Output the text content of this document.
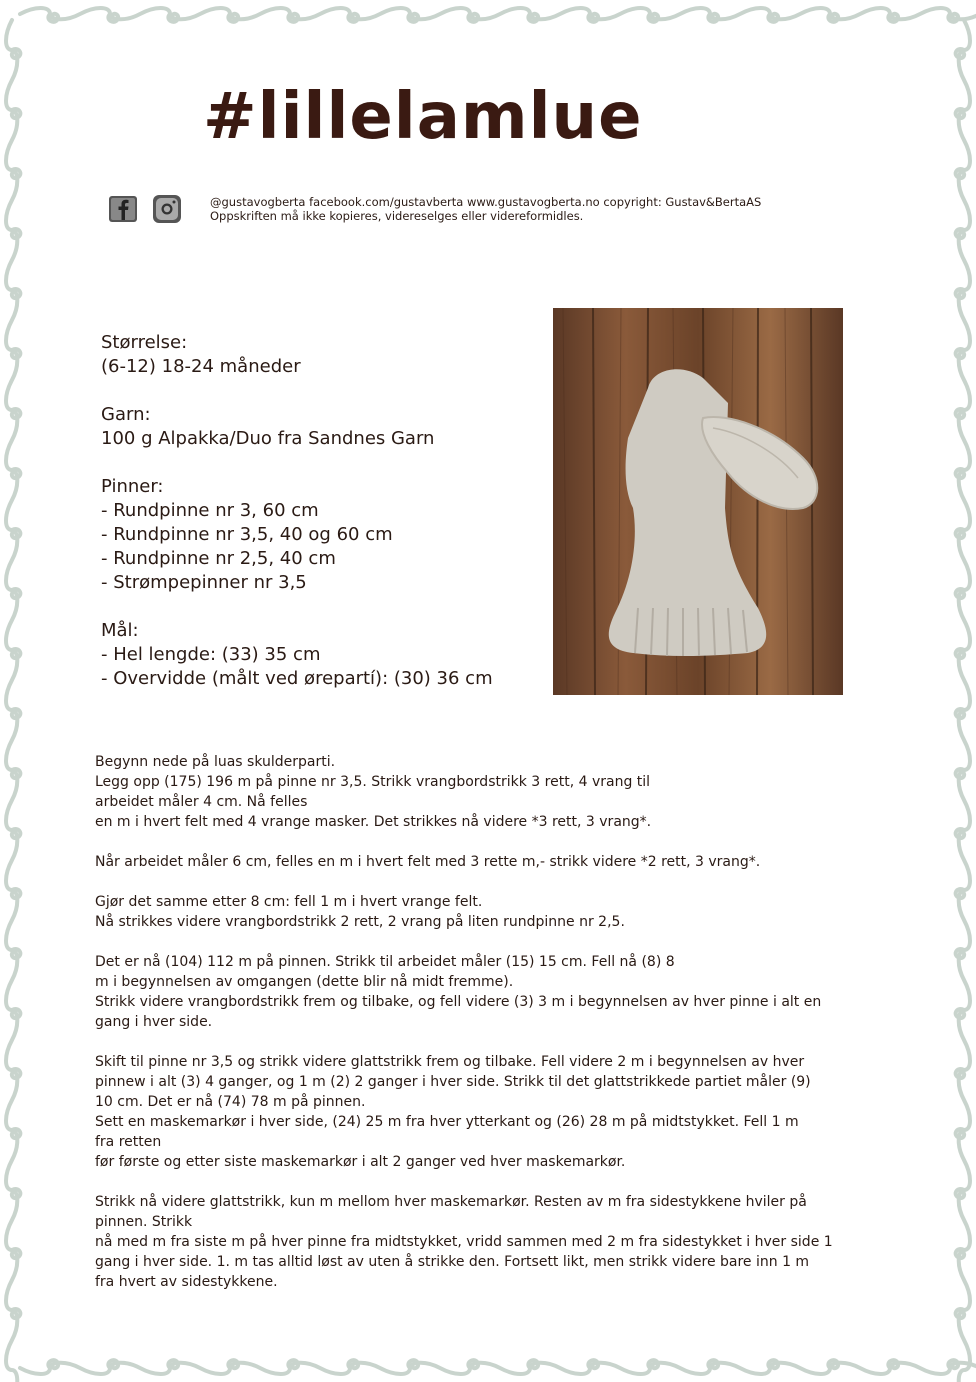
#lillelamlue
@gustavogberta facebook.com/gustavberta www.gustavogberta.no copyright: Gustav&BertaAS
Oppskriften må ikke kopieres, videreselges eller videreformidles.
Størrelse:
(6-12) 18-24 måneder
Garn:
100 g Alpakka/Duo fra Sandnes Garn
Pinner:
- Rundpinne nr 3, 60 cm
- Rundpinne nr 3,5, 40 og 60 cm
- Rundpinne nr 2,5, 40 cm
- Strømpepinner nr 3,5
Mål:
- Hel lengde: (33) 35 cm
- Overvidde (målt ved ørepartí): (30) 36 cm

Begynn nede på luas skulderparti.
Legg opp (175) 196 m på pinne nr 3,5. Strikk vrangbordstrikk 3 rett, 4 vrang til
arbeidet måler 4 cm. Nå felles
en m i hvert felt med 4 vrange masker. Det strikkes nå videre *3 rett, 3 vrang*.

Når arbeidet måler 6 cm, felles en m i hvert felt med 3 rette m,- strikk videre *2 rett, 3 vrang*.

Gjør det samme etter 8 cm: fell 1 m i hvert vrange felt.
Nå strikkes videre vrangbordstrikk 2 rett, 2 vrang på liten rundpinne nr 2,5.

Det er nå (104) 112 m på pinnen. Strikk til arbeidet måler (15) 15 cm. Fell nå (8) 8
m i begynnelsen av omgangen (dette blir nå midt fremme).
Strikk videre vrangbordstrikk frem og tilbake, og fell videre (3) 3 m i begynnelsen av hver pinne i alt en
gang i hver side.

Skift til pinne nr 3,5 og strikk videre glattstrikk frem og tilbake. Fell videre 2 m i begynnelsen av hver
pinnew i alt (3) 4 ganger, og 1 m (2) 2 ganger i hver side. Strikk til det glattstrikkede partiet måler (9)
10 cm. Det er nå (74) 78 m på pinnen.
Sett en maskemarkør i hver side, (24) 25 m fra hver ytterkant og (26) 28 m på midtstykket. Fell 1 m
fra retten
før første og etter siste maskemarkør i alt 2 ganger ved hver maskemarkør.

Strikk nå videre glattstrikk, kun m mellom hver maskemarkør. Resten av m fra sidestykkene hviler på
pinnen. Strikk
nå med m fra siste m på hver pinne fra midtstykket, vridd sammen med 2 m fra sidestykket i hver side 1
gang i hver side. 1. m tas alltid løst av uten å strikke den. Fortsett likt, men strikk videre bare inn 1 m
fra hvert av sidestykkene.
